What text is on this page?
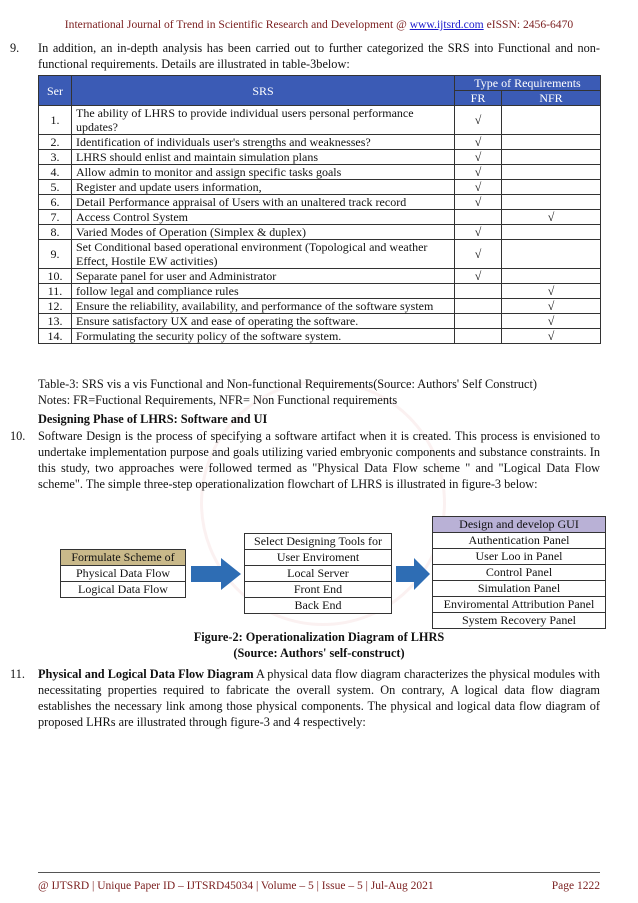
International Journal of Trend in Scientific Research and Development @ www.ijtsrd.com eISSN: 2456-6470
9. In addition, an in-depth analysis has been carried out to further categorized the SRS into Functional and non-functional requirements. Details are illustrated in table-3below:
Ser	SRS	Type of Requirements	
		FR	NFR
1.	The ability of LHRS to provide individual users personal performance updates?	√	
2.	Identification of individuals user's strengths and weaknesses?	√	
3.	LHRS should enlist and maintain simulation plans	√	
4.	Allow admin to monitor and assign specific tasks goals	√	
5.	Register and update users information,	√	
6.	Detail Performance appraisal of Users with an unaltered track record	√	
7.	Access Control System		√
8.	Varied Modes of Operation (Simplex & duplex)	√	
9.	Set Conditional based operational environment (Topological and weather Effect, Hostile EW activities)	√	
10.	Separate panel for user and Administrator	√	
11.	follow legal and compliance rules		√
12.	Ensure the reliability, availability, and performance of the software system		√
13.	Ensure satisfactory UX and ease of operating the software.		√
14.	Formulating the security policy of the software system.		√
Table-3: SRS vis a vis Functional and Non-functional Requirements(Source: Authors' Self Construct)
Notes: FR=Fuctional Requirements, NFR= Non Functional requirements
Designing Phase of LHRS: Software and UI
10. Software Design is the process of specifying a software artifact when it is created. This process is envisioned to undertake implementation purpose and goals utilizing varied embryonic components and substance constraints. In this study, two approaches were followed termed as "Physical Data Flow scheme " and "Logical Data Flow scheme". The simple three-step operationalization flowchart of LHRS is illustrated in figure-3 below:
Formulate Scheme of
Physical Data Flow
Logical Data Flow
Select Designing Tools for
User Enviroment
Local Server
Front End
Back End
Design and develop GUI
Authentication Panel
User Loo in Panel
Control Panel
Simulation Panel
Enviromental Attribution Panel
System Recovery Panel
Figure-2: Operationalization Diagram of LHRS
(Source: Authors' self-construct)
11. Physical and Logical Data Flow Diagram A physical data flow diagram characterizes the physical modules with necessitating properties required to fabricate the overall system. On contrary, A logical data flow diagram establishes the necessary link among those physical components. The physical and logical data flow diagram of proposed LHRs are illustrated through figure-3 and 4 respectively:
@ IJTSRD | Unique Paper ID – IJTSRD45034 | Volume – 5 | Issue – 5 | Jul-Aug 2021	Page 1222
